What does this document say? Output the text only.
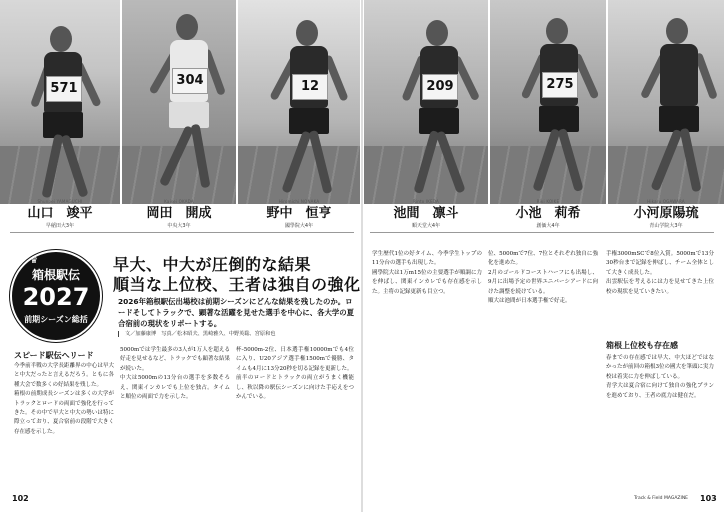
571
304	12	209	275
Shunpei YAMAGUCHI
山口　竣平
早稲田大3年
Kaisei OKADA
岡田　開成
中央大3年
Hiromichi NONAKA
野中　恒亨
國學院大4年
Rinto IKEDA
池間　凛斗
順天堂大4年
Riki KOIKE
小池　莉希
創価大4年
Hikaru OGAWARA
小河原陽琉
青山学院大3年
♛
箱根駅伝
2027
前期シーズン総括
早大、中大が圧倒的な結果
順当な上位校、王者は独自の強化
2026年箱根駅伝出場校は前期シーズンにどんな結果を残したのか。ロードそしてトラックで、顕著な活躍を見せた選手を中心に、各大学の夏合宿前の現状をリポートする。
文／加藤康博　写真／松本昭夫、黒崎雅久、中野英聡、宮原和也
スピード駅伝へリード
今季前半戦の大学長距離界の中心は早大と中大だったと言えるだろう。ともに各種大会で数多くの好結果を残した。
箱根の前期成長シーズンは多くの大学がトラックとロードの両面で強化を行ってきた。その中で早大と中大の勢いは特に際立っており、夏合宿前の段階で大きく存在感を示した。
5000mでは学生最多の3人が1万人を超える好走を見せるなど、トラックでも顕著な結果が続いた。
中大は5000mの13分台の選手を多数そろえ、関東インカレでも上位を独占。タイムと順位の両面で力を示した。
杯-5000m-2位、日本選手権10000mでも4位に入り、U20アジア選手権1500mで優勝、タイムも4月に13分20秒を切る記録を更新した。
前半のロードとトラックの両立がうまく機能し、秋以降の駅伝シーズンに向けた手応えをつかんでいる。
学生歴代1位の好タイム、今季学生トップの11分台の選手も出現した。
國學院大は1万m15位の主要選手が順調に力を伸ばし、関東インカレでも存在感を示した。主将の記録更新も目立つ。
位、5000mで7位、7位とそれぞれ独自に強化を進めた。
2月のゴールドコーストハーフにも出場し、9月に出場予定の世界ユニバーシアードに向けた調整を続けている。
順大は池間が日本選手権で好走。
手権3000mSCで8位入賞。5000mで13分30秒台まで記録を伸ばし、チーム全体として大きく成長した。
出雲駅伝を考えるには力を見せてきた上位校の現状を見ていきたい。
箱根上位校も存在感
春までの存在感では早大、中大ほどではなかったが前回の箱根3位の國大を筆頭に実力校は着実に力を伸ばしている。
青学大は夏合宿に向けて独自の強化プランを進めており、王者の底力は健在だ。
102	Track & Field MAGAZINE 103
